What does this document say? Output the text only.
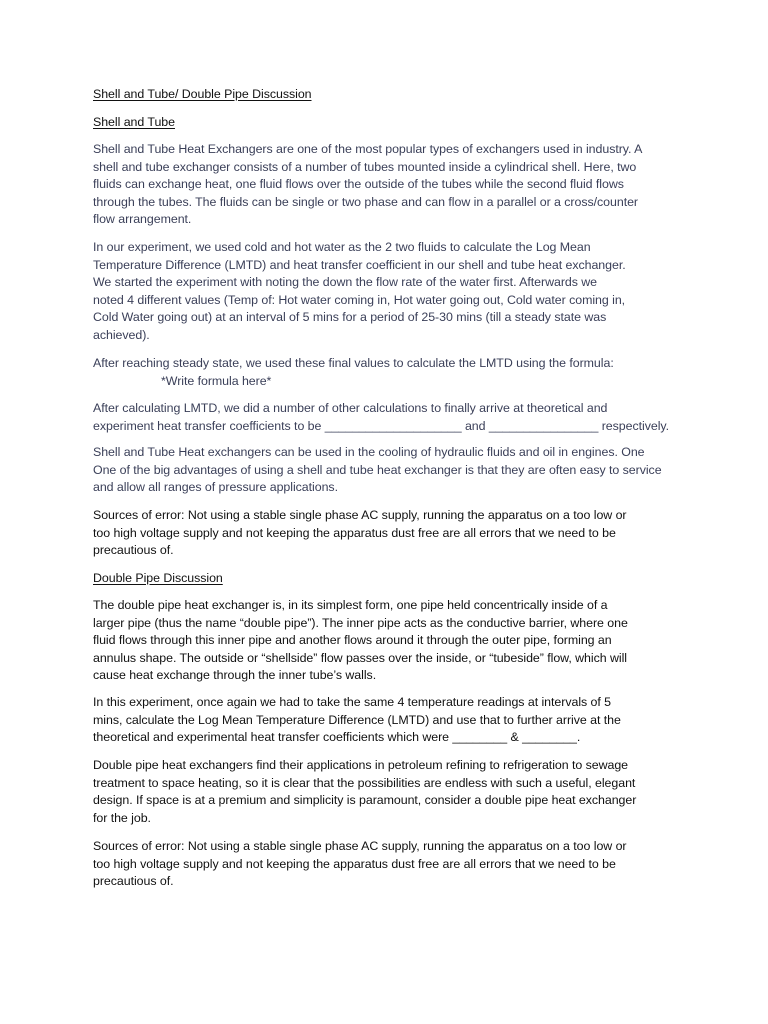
Shell and Tube/ Double Pipe Discussion

Shell and Tube

Shell and Tube Heat Exchangers are one of the most popular types of exchangers used in industry. A
shell and tube exchanger consists of a number of tubes mounted inside a cylindrical shell. Here, two
fluids can exchange heat, one fluid flows over the outside of the tubes while the second fluid flows
through the tubes. The fluids can be single or two phase and can flow in a parallel or a cross/counter
flow arrangement.

In our experiment, we used cold and hot water as the 2 two fluids to calculate the Log Mean
Temperature Difference (LMTD) and heat transfer coefficient in our shell and tube heat exchanger.
We started the experiment with noting the down the flow rate of the water first. Afterwards we
noted 4 different values (Temp of: Hot water coming in, Hot water going out, Cold water coming in,
Cold Water going out) at an interval of 5 mins for a period of 25-30 mins (till a steady state was
achieved).

After reaching steady state, we used these final values to calculate the LMTD using the formula:
*Write formula here*

After calculating LMTD, we did a number of other calculations to finally arrive at theoretical and
experiment heat transfer coefficients to be ____________________ and ________________ respectively.

Shell and Tube Heat exchangers can be used in the cooling of hydraulic fluids and oil in engines. One
One of the big advantages of using a shell and tube heat exchanger is that they are often easy to service
and allow all ranges of pressure applications.

Sources of error: Not using a stable single phase AC supply, running the apparatus on a too low or
too high voltage supply and not keeping the apparatus dust free are all errors that we need to be
precautious of.

Double Pipe Discussion

The double pipe heat exchanger is, in its simplest form, one pipe held concentrically inside of a
larger pipe (thus the name “double pipe”). The inner pipe acts as the conductive barrier, where one
fluid flows through this inner pipe and another flows around it through the outer pipe, forming an
annulus shape. The outside or “shellside” flow passes over the inside, or “tubeside” flow, which will
cause heat exchange through the inner tube’s walls.

In this experiment, once again we had to take the same 4 temperature readings at intervals of 5
mins, calculate the Log Mean Temperature Difference (LMTD) and use that to further arrive at the
theoretical and experimental heat transfer coefficients which were ________ & ________.

Double pipe heat exchangers find their applications in petroleum refining to refrigeration to sewage
treatment to space heating, so it is clear that the possibilities are endless with such a useful, elegant
design. If space is at a premium and simplicity is paramount, consider a double pipe heat exchanger
for the job.

Sources of error: Not using a stable single phase AC supply, running the apparatus on a too low or
too high voltage supply and not keeping the apparatus dust free are all errors that we need to be
precautious of.
